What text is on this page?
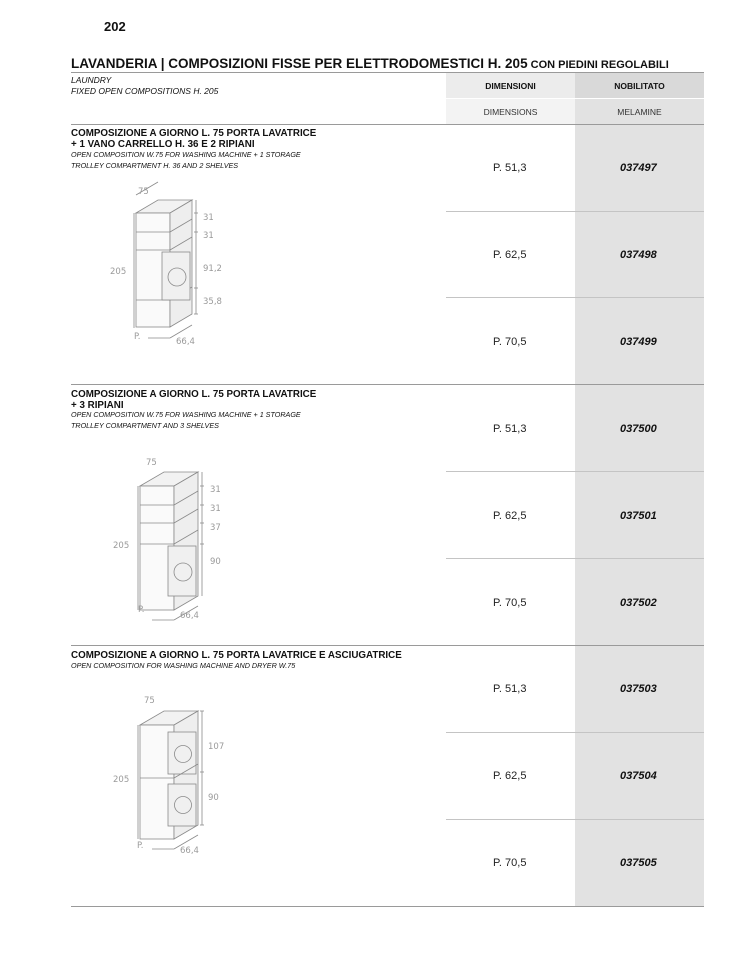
202
LAVANDERIA | COMPOSIZIONI FISSE PER ELETTRODOMESTICI H. 205 CON PIEDINI REGOLABILI
LAUNDRY
FIXED OPEN COMPOSITIONS H. 205	DIMENSIONI	NOBILITATO
DIMENSIONS	MELAMINE
COMPOSIZIONE A GIORNO L. 75 PORTA LAVATRICE
+ 1 VANO CARRELLO H. 36 E 2 RIPIANI
OPEN COMPOSITION W.75 FOR WASHING MACHINE + 1 STORAGE
TROLLEY COMPARTMENT H. 36 AND 2 SHELVES	P. 51,3	037497
P. 62,5	037498
P. 70,5	037499
75
205
31
31
91,2
35,8
P.	66,4
COMPOSIZIONE A GIORNO L. 75 PORTA LAVATRICE
+ 3 RIPIANI
OPEN COMPOSITION W.75 FOR WASHING MACHINE + 1 STORAGE
TROLLEY COMPARTMENT AND 3 SHELVES	P. 51,3	037500
P. 62,5	037501
P. 70,5	037502
75
205
31
31
37
90
P.
66,4
COMPOSIZIONE A GIORNO L. 75 PORTA LAVATRICE E ASCIUGATRICE
OPEN COMPOSITION FOR WASHING MACHINE AND DRYER W.75
P. 51,3	037503
P. 62,5	037504
P. 70,5	037505
75
205
107
90
P.	66,4
